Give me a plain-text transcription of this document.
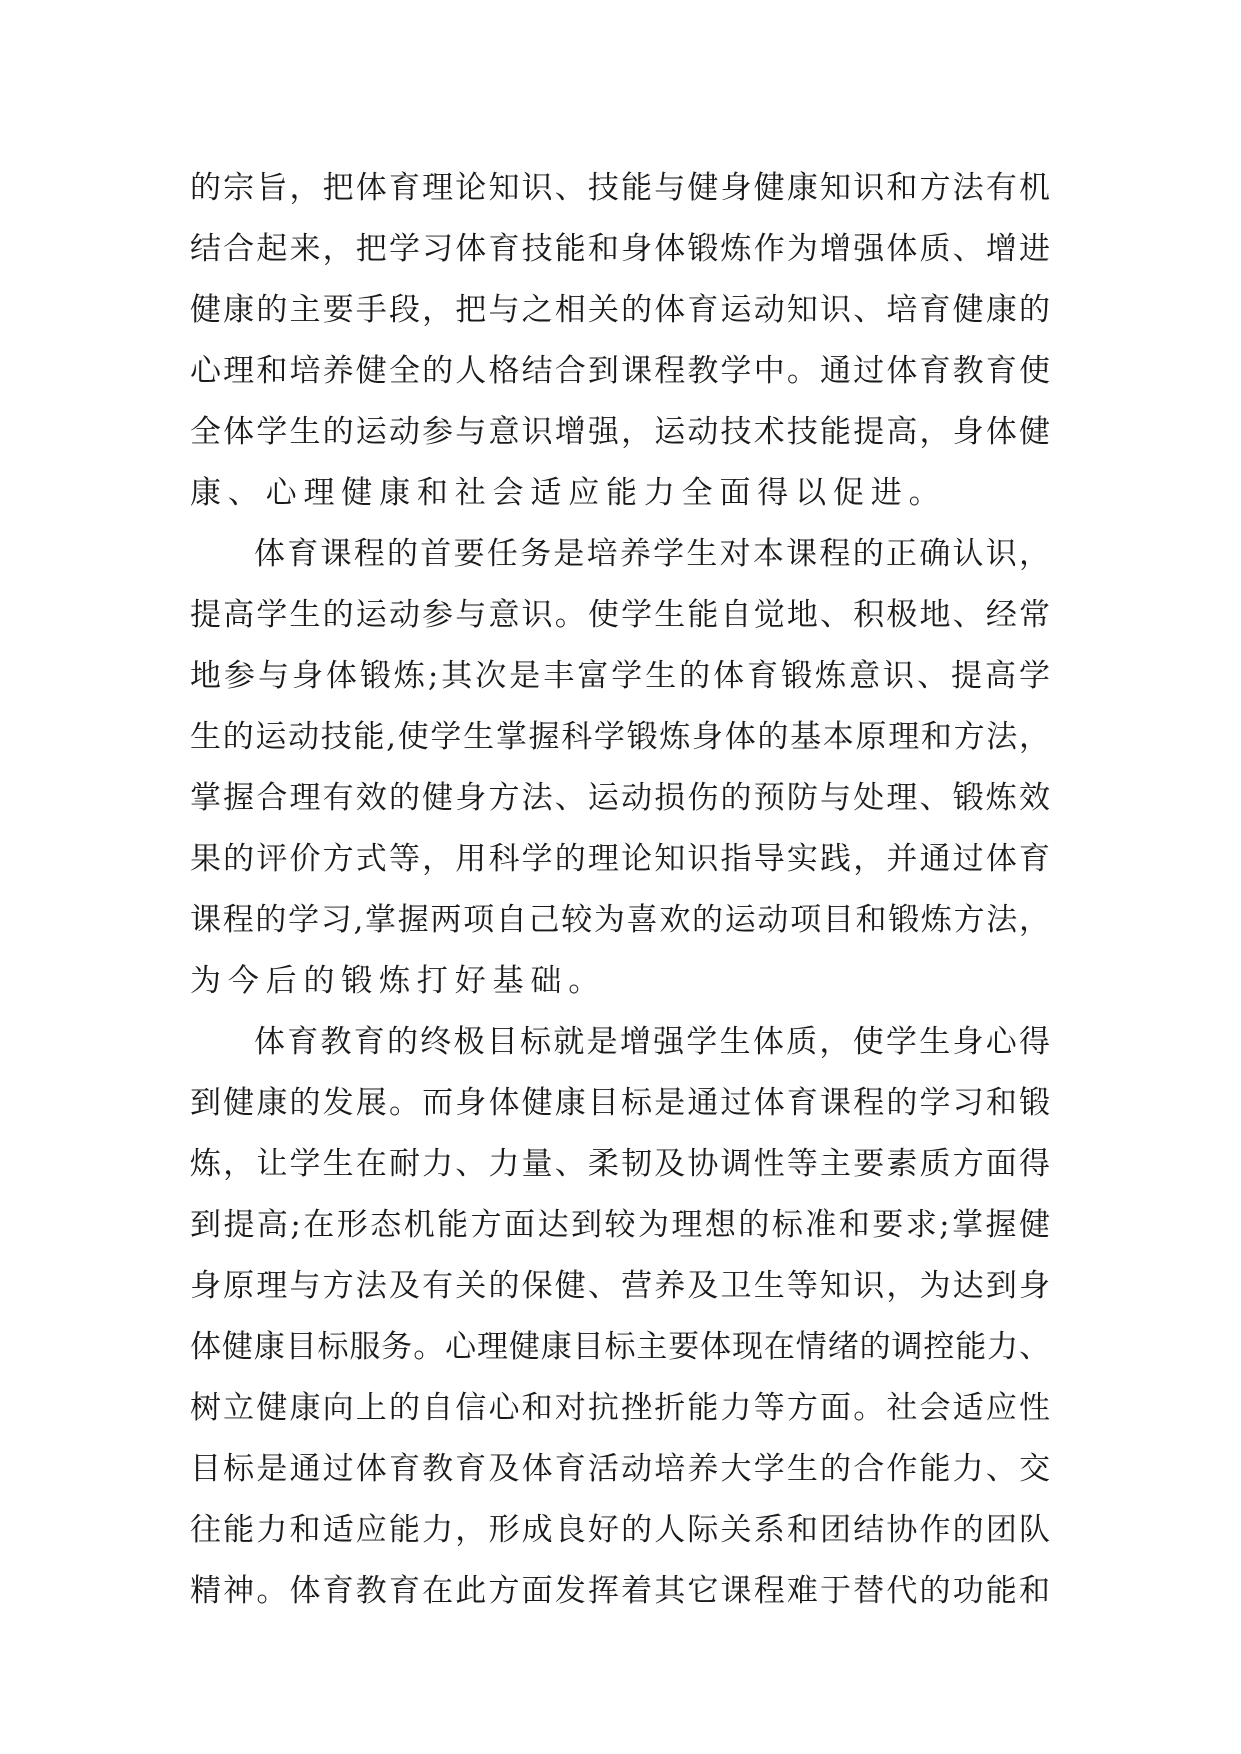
的宗旨，把体育理论知识、技能与健身健康知识和方法有机
结合起来，把学习体育技能和身体锻炼作为增强体质、增进
健康的主要手段，把与之相关的体育运动知识、培育健康的
心理和培养健全的人格结合到课程教学中。通过体育教育使
全体学生的运动参与意识增强，运动技术技能提高，身体健
康、心理健康和社会适应能力全面得以促进。
体育课程的首要任务是培养学生对本课程的正确认识，
提高学生的运动参与意识。使学生能自觉地、积极地、经常
地参与身体锻炼;其次是丰富学生的体育锻炼意识、提高学
生的运动技能,使学生掌握科学锻炼身体的基本原理和方法，
掌握合理有效的健身方法、运动损伤的预防与处理、锻炼效
果的评价方式等，用科学的理论知识指导实践，并通过体育
课程的学习,掌握两项自己较为喜欢的运动项目和锻炼方法，
为今后的锻炼打好基础。
体育教育的终极目标就是增强学生体质，使学生身心得
到健康的发展。而身体健康目标是通过体育课程的学习和锻
炼，让学生在耐力、力量、柔韧及协调性等主要素质方面得
到提高;在形态机能方面达到较为理想的标准和要求;掌握健
身原理与方法及有关的保健、营养及卫生等知识，为达到身
体健康目标服务。心理健康目标主要体现在情绪的调控能力、
树立健康向上的自信心和对抗挫折能力等方面。社会适应性
目标是通过体育教育及体育活动培养大学生的合作能力、交
往能力和适应能力，形成良好的人际关系和团结协作的团队
精神。体育教育在此方面发挥着其它课程难于替代的功能和
